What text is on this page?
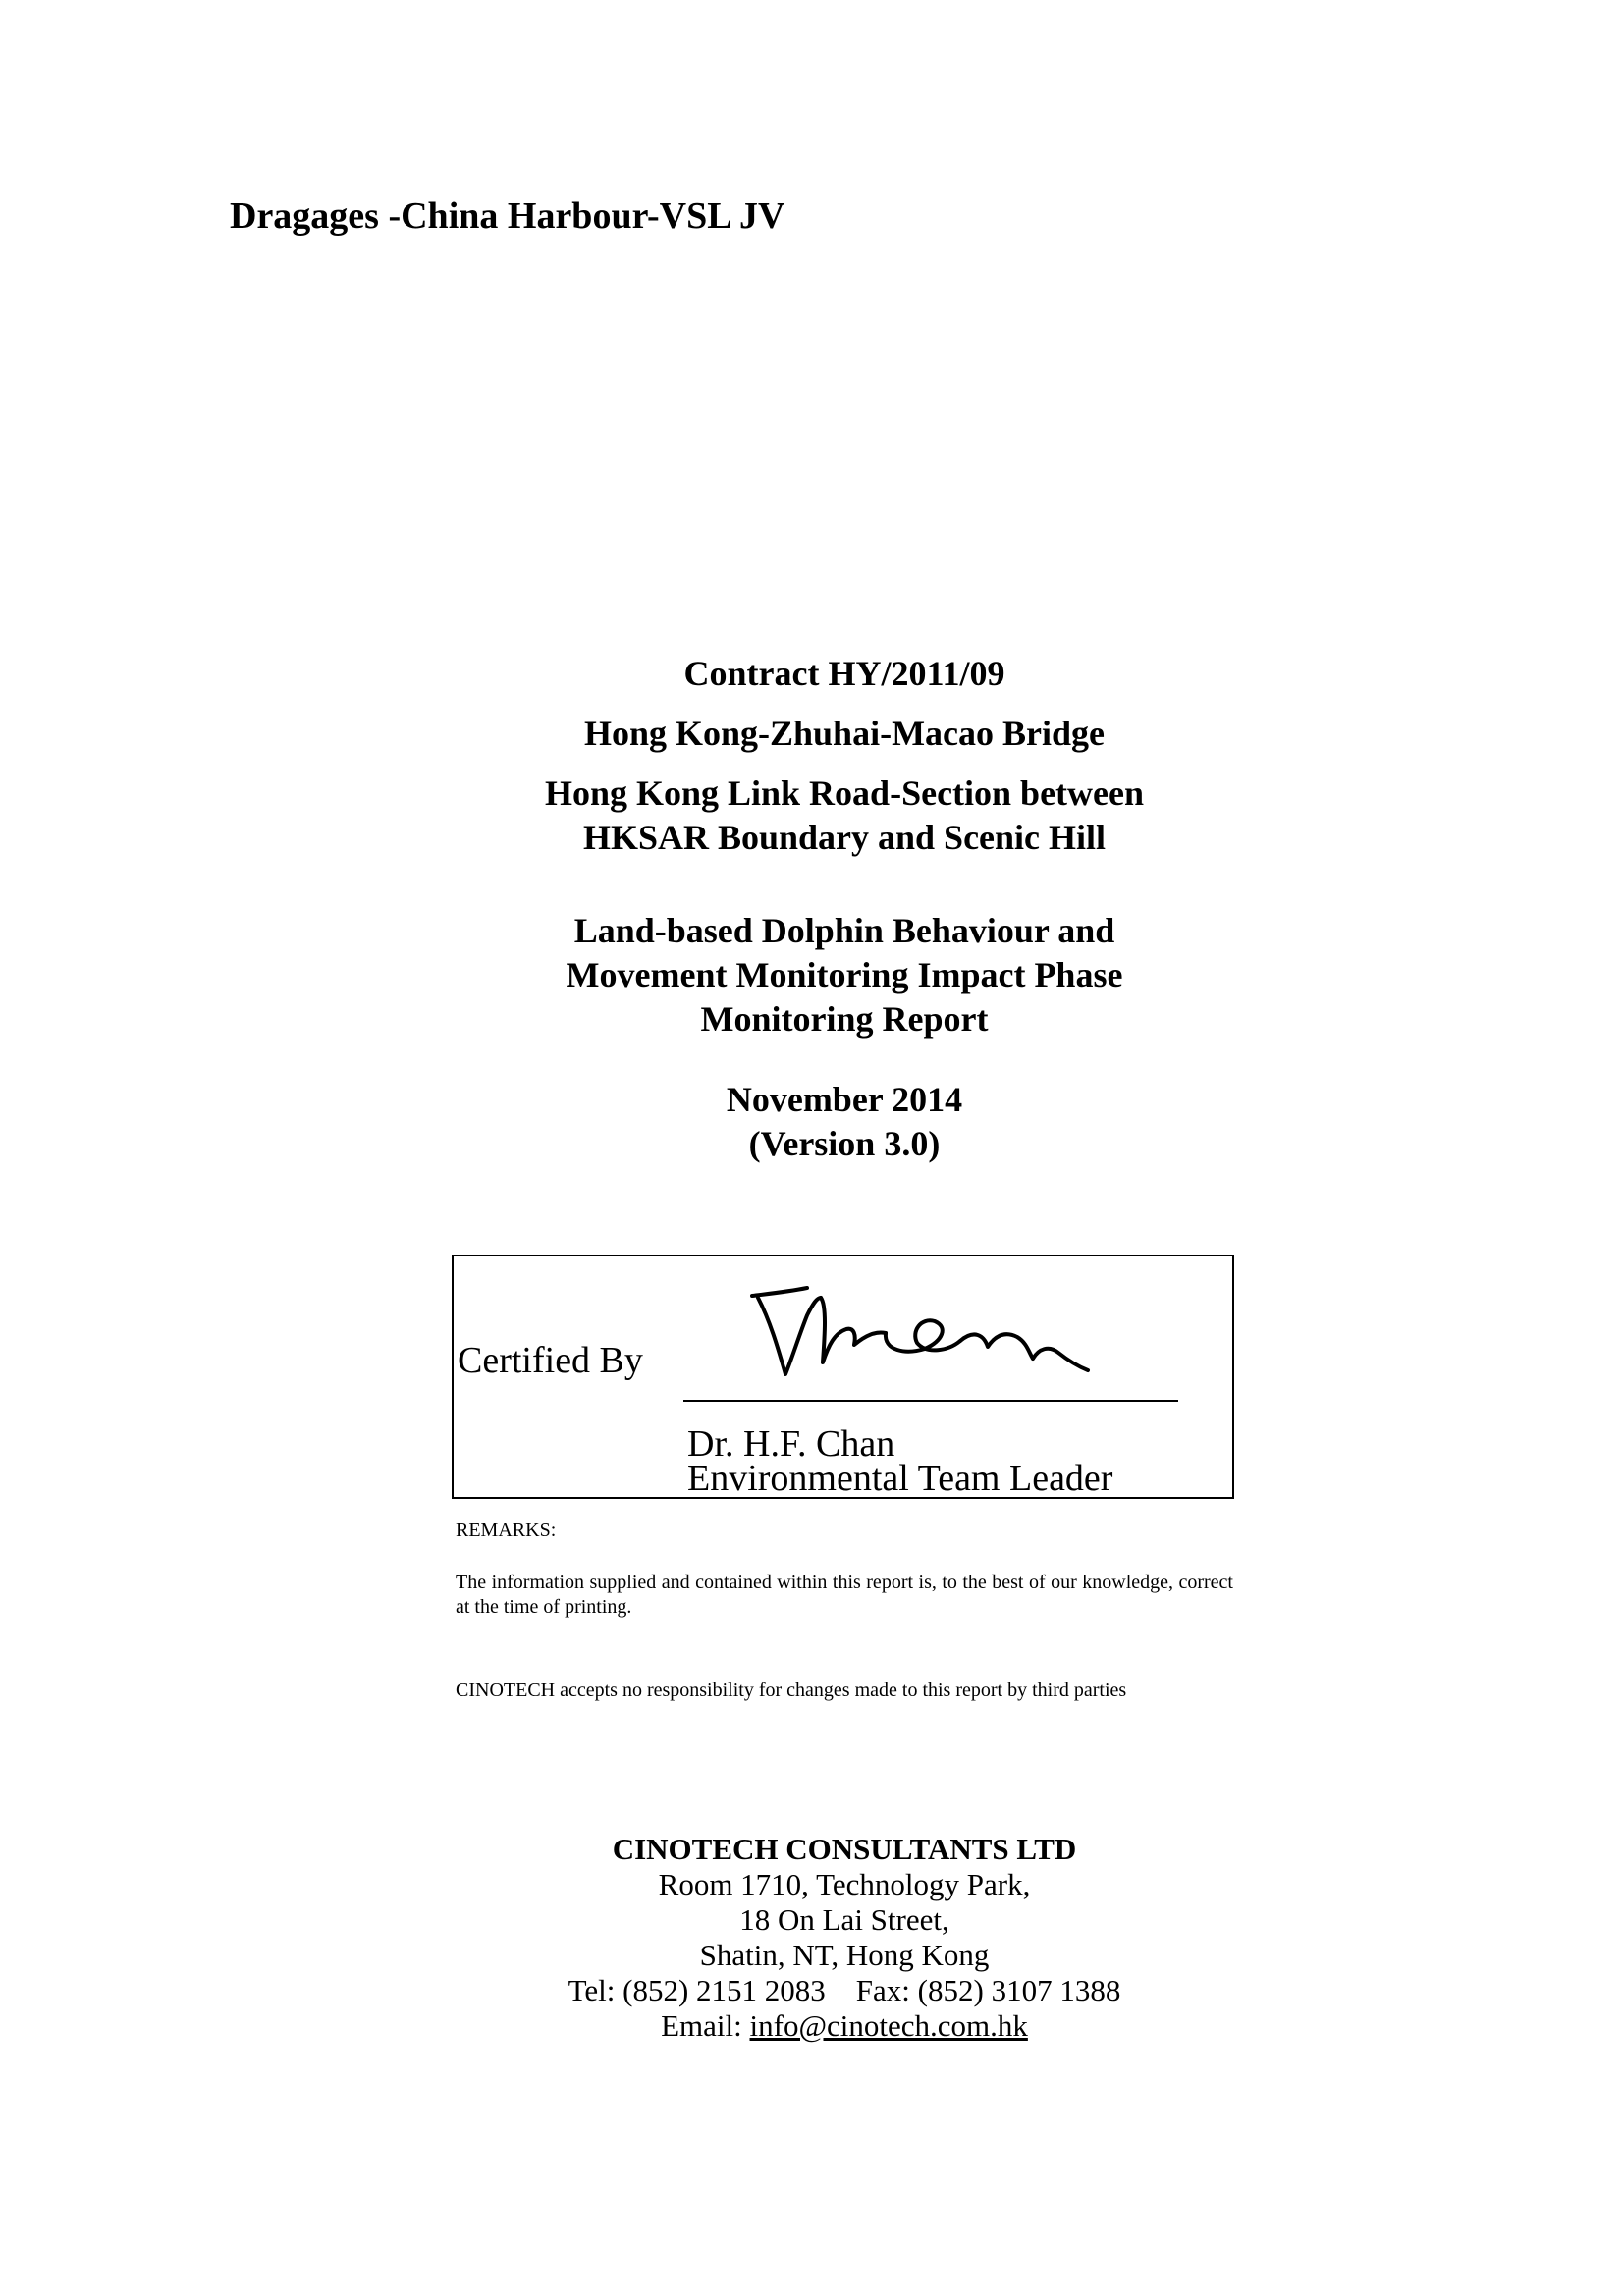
Dragages -China Harbour-VSL JV
Contract HY/2011/09
Hong Kong-Zhuhai-Macao Bridge
Hong Kong Link Road-Section between
HKSAR Boundary and Scenic Hill
Land-based Dolphin Behaviour and
Movement Monitoring Impact Phase
Monitoring Report
November 2014
(Version 3.0)
Certified By
Dr. H.F. Chan
Environmental Team Leader
REMARKS:
The information supplied and contained within this report is, to the best of our knowledge, correct at the time of printing.
CINOTECH accepts no responsibility for changes made to this report by third parties
CINOTECH CONSULTANTS LTD
Room 1710, Technology Park,
18 On Lai Street,
Shatin, NT, Hong Kong
Tel: (852) 2151 2083    Fax: (852) 3107 1388
Email: info@cinotech.com.hk
